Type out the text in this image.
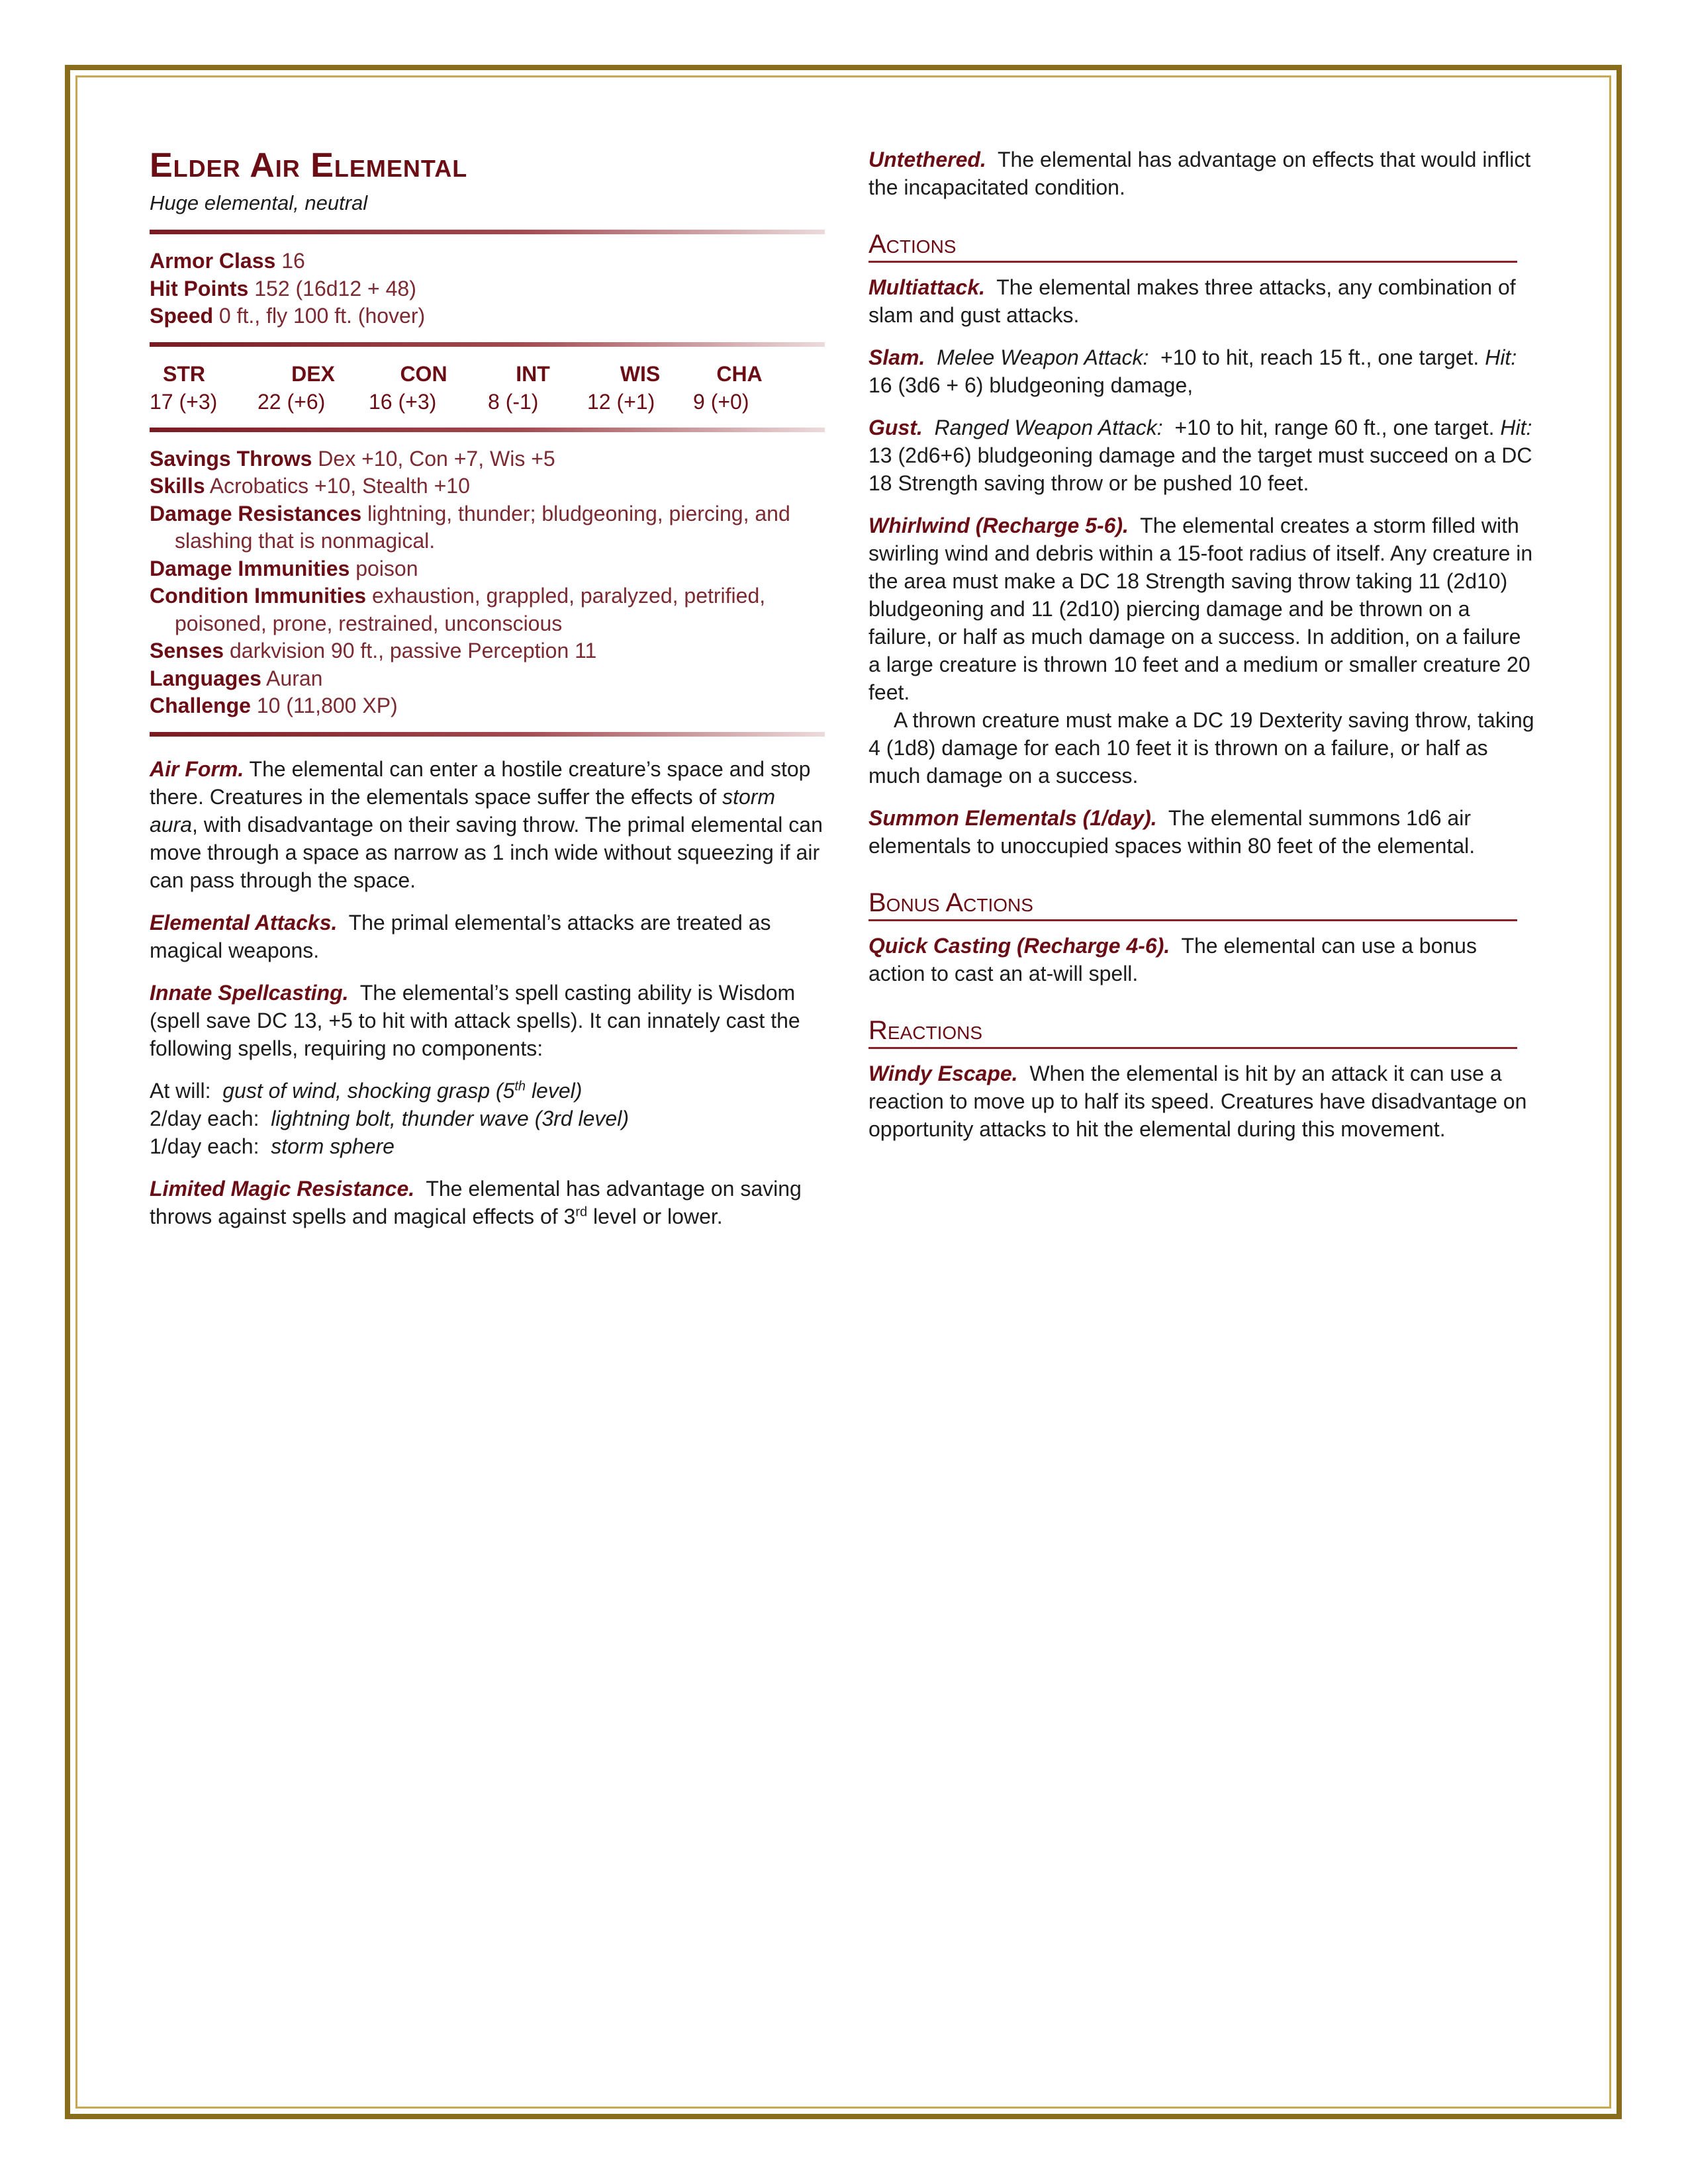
Elder Air Elemental
Huge elemental, neutral
Armor Class 16
Hit Points 152 (16d12 + 48)
Speed 0 ft., fly 100 ft. (hover)
STR	DEX	CON	INT	WIS	CHA
17 (+3)	22 (+6)	16 (+3)	8 (-1)	12 (+1)	9 (+0)
Savings Throws Dex +10, Con +7, Wis +5
Skills Acrobatics +10, Stealth +10
Damage Resistances lightning, thunder; bludgeoning, piercing, and slashing that is nonmagical.
Damage Immunities poison
Condition Immunities exhaustion, grappled, paralyzed, petrified, poisoned, prone, restrained, unconscious
Senses darkvision 90 ft., passive Perception 11
Languages Auran
Challenge 10 (11,800 XP)

Air Form. The elemental can enter a hostile creature’s space and stop there. Creatures in the elementals space suffer the effects of storm aura, with disadvantage on their saving throw. The primal elemental can move through a space as narrow as 1 inch wide without squeezing if air can pass through the space.

Elemental Attacks. The primal elemental’s attacks are treated as magical weapons.

Innate Spellcasting. The elemental’s spell casting ability is Wisdom (spell save DC 13, +5 to hit with attack spells). It can innately cast the following spells, requiring no components:

At will: gust of wind, shocking grasp (5th level)
2/day each: lightning bolt, thunder wave (3rd level)
1/day each: storm sphere

Limited Magic Resistance. The elemental has advantage on saving throws against spells and magical effects of 3rd level or lower.

Untethered. The elemental has advantage on effects that would inflict the incapacitated condition.

Actions

Multiattack. The elemental makes three attacks, any combination of slam and gust attacks.

Slam. Melee Weapon Attack: +10 to hit, reach 15 ft., one target. Hit: 16 (3d6 + 6) bludgeoning damage,

Gust. Ranged Weapon Attack: +10 to hit, range 60 ft., one target. Hit: 13 (2d6+6) bludgeoning damage and the target must succeed on a DC 18 Strength saving throw or be pushed 10 feet.

Whirlwind (Recharge 5-6). The elemental creates a storm filled with swirling wind and debris within a 15-foot radius of itself. Any creature in the area must make a DC 18 Strength saving throw taking 11 (2d10) bludgeoning and 11 (2d10) piercing damage and be thrown on a failure, or half as much damage on a success. In addition, on a failure a large creature is thrown 10 feet and a medium or smaller creature 20 feet.

A thrown creature must make a DC 19 Dexterity saving throw, taking 4 (1d8) damage for each 10 feet it is thrown on a failure, or half as much damage on a success.

Summon Elementals (1/day). The elemental summons 1d6 air elementals to unoccupied spaces within 80 feet of the elemental.

Bonus Actions

Quick Casting (Recharge 4-6). The elemental can use a bonus action to cast an at-will spell.

Reactions

Windy Escape. When the elemental is hit by an attack it can use a reaction to move up to half its speed. Creatures have disadvantage on opportunity attacks to hit the elemental during this movement.
